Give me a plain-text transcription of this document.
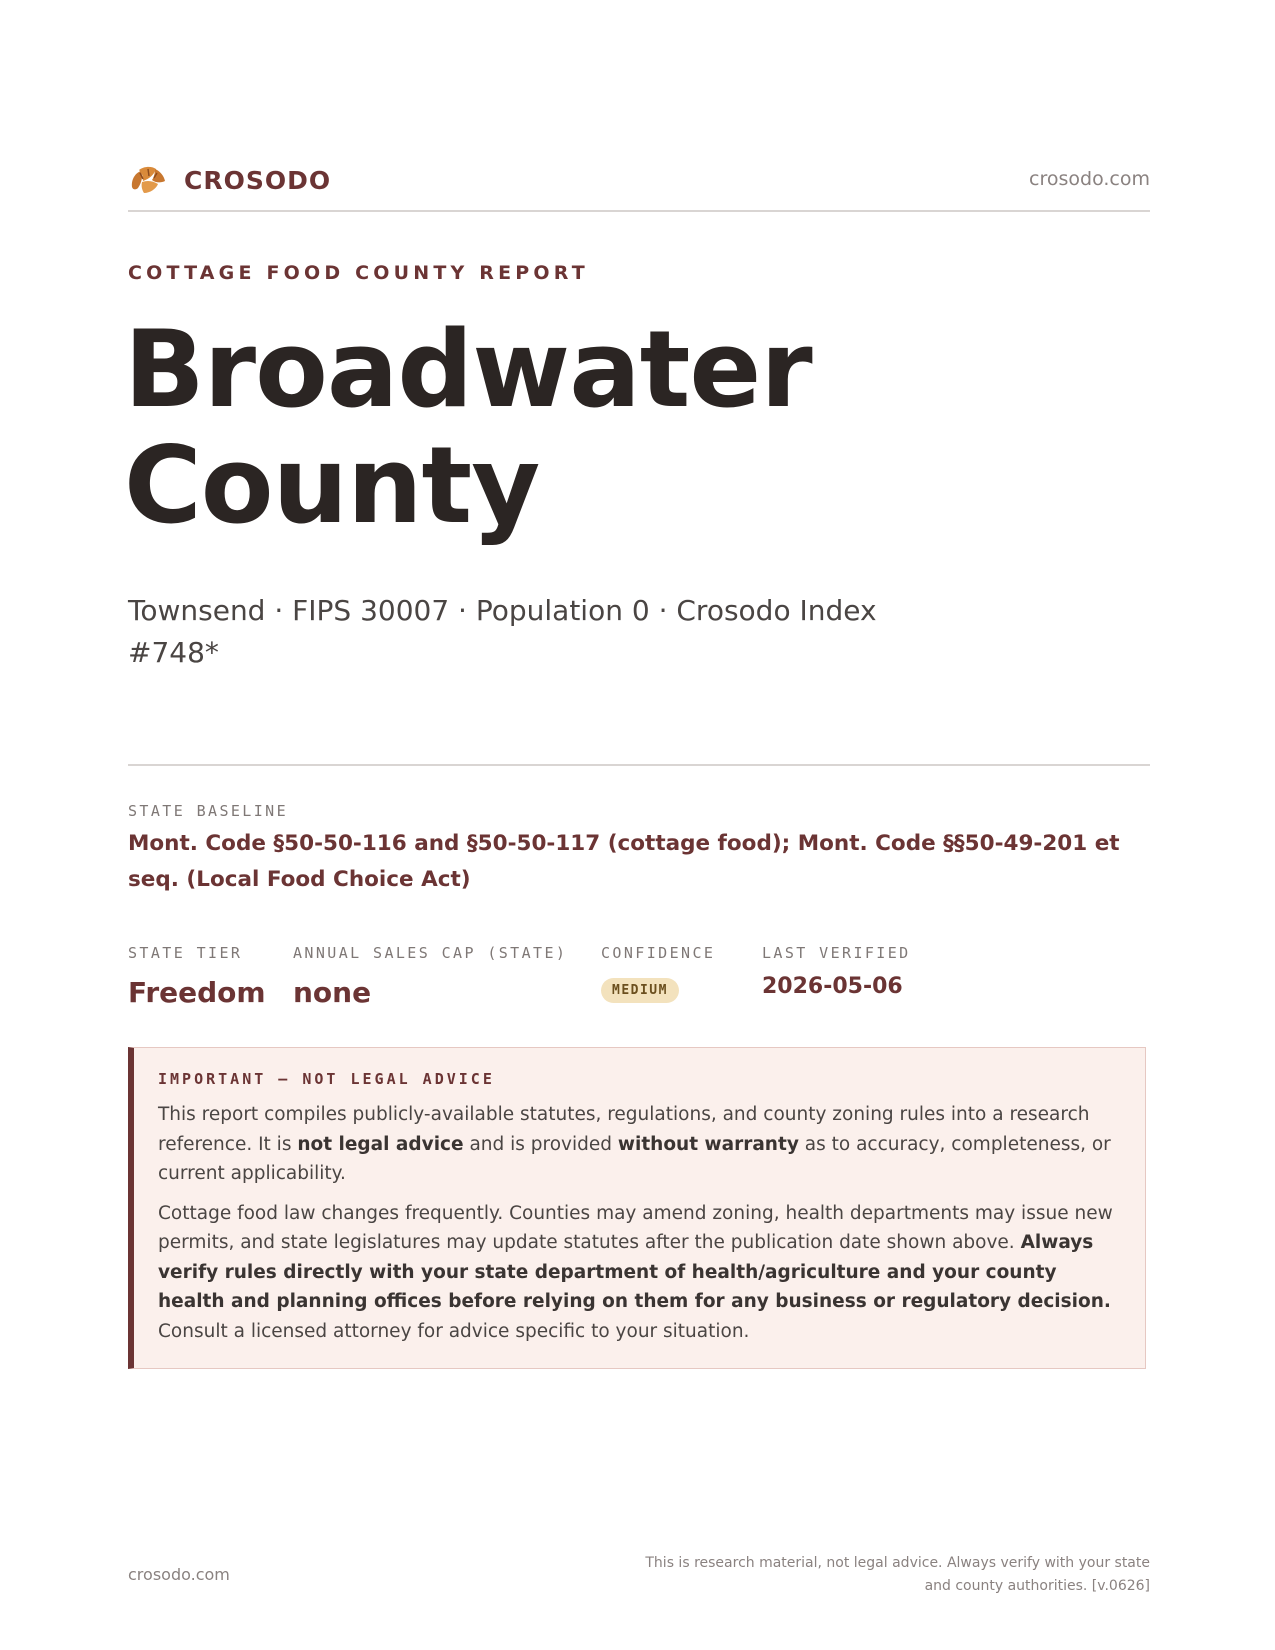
CROSODO	crosodo.com
COTTAGE FOOD COUNTY REPORT
Broadwater County
Townsend · FIPS 30007 · Population 0 · Crosodo Index #748*
STATE BASELINE
Mont. Code §50-50-116 and §50-50-117 (cottage food); Mont. Code §§50-49-201 et seq. (Local Food Choice Act)
STATE TIER
Freedom
ANNUAL SALES CAP (STATE)
none
CONFIDENCE
MEDIUM
LAST VERIFIED
2026-05-06
IMPORTANT — NOT LEGAL ADVICE

This report compiles publicly-available statutes, regulations, and county zoning rules into a research reference. It is not legal advice and is provided without warranty as to accuracy, completeness, or current applicability.

Cottage food law changes frequently. Counties may amend zoning, health departments may issue new permits, and state legislatures may update statutes after the publication date shown above. Always verify rules directly with your state department of health/agriculture and your county health and planning offices before relying on them for any business or regulatory decision. Consult a licensed attorney for advice specific to your situation.

crosodo.com
This is research material, not legal advice. Always verify with your state
and county authorities. [v.0626]
